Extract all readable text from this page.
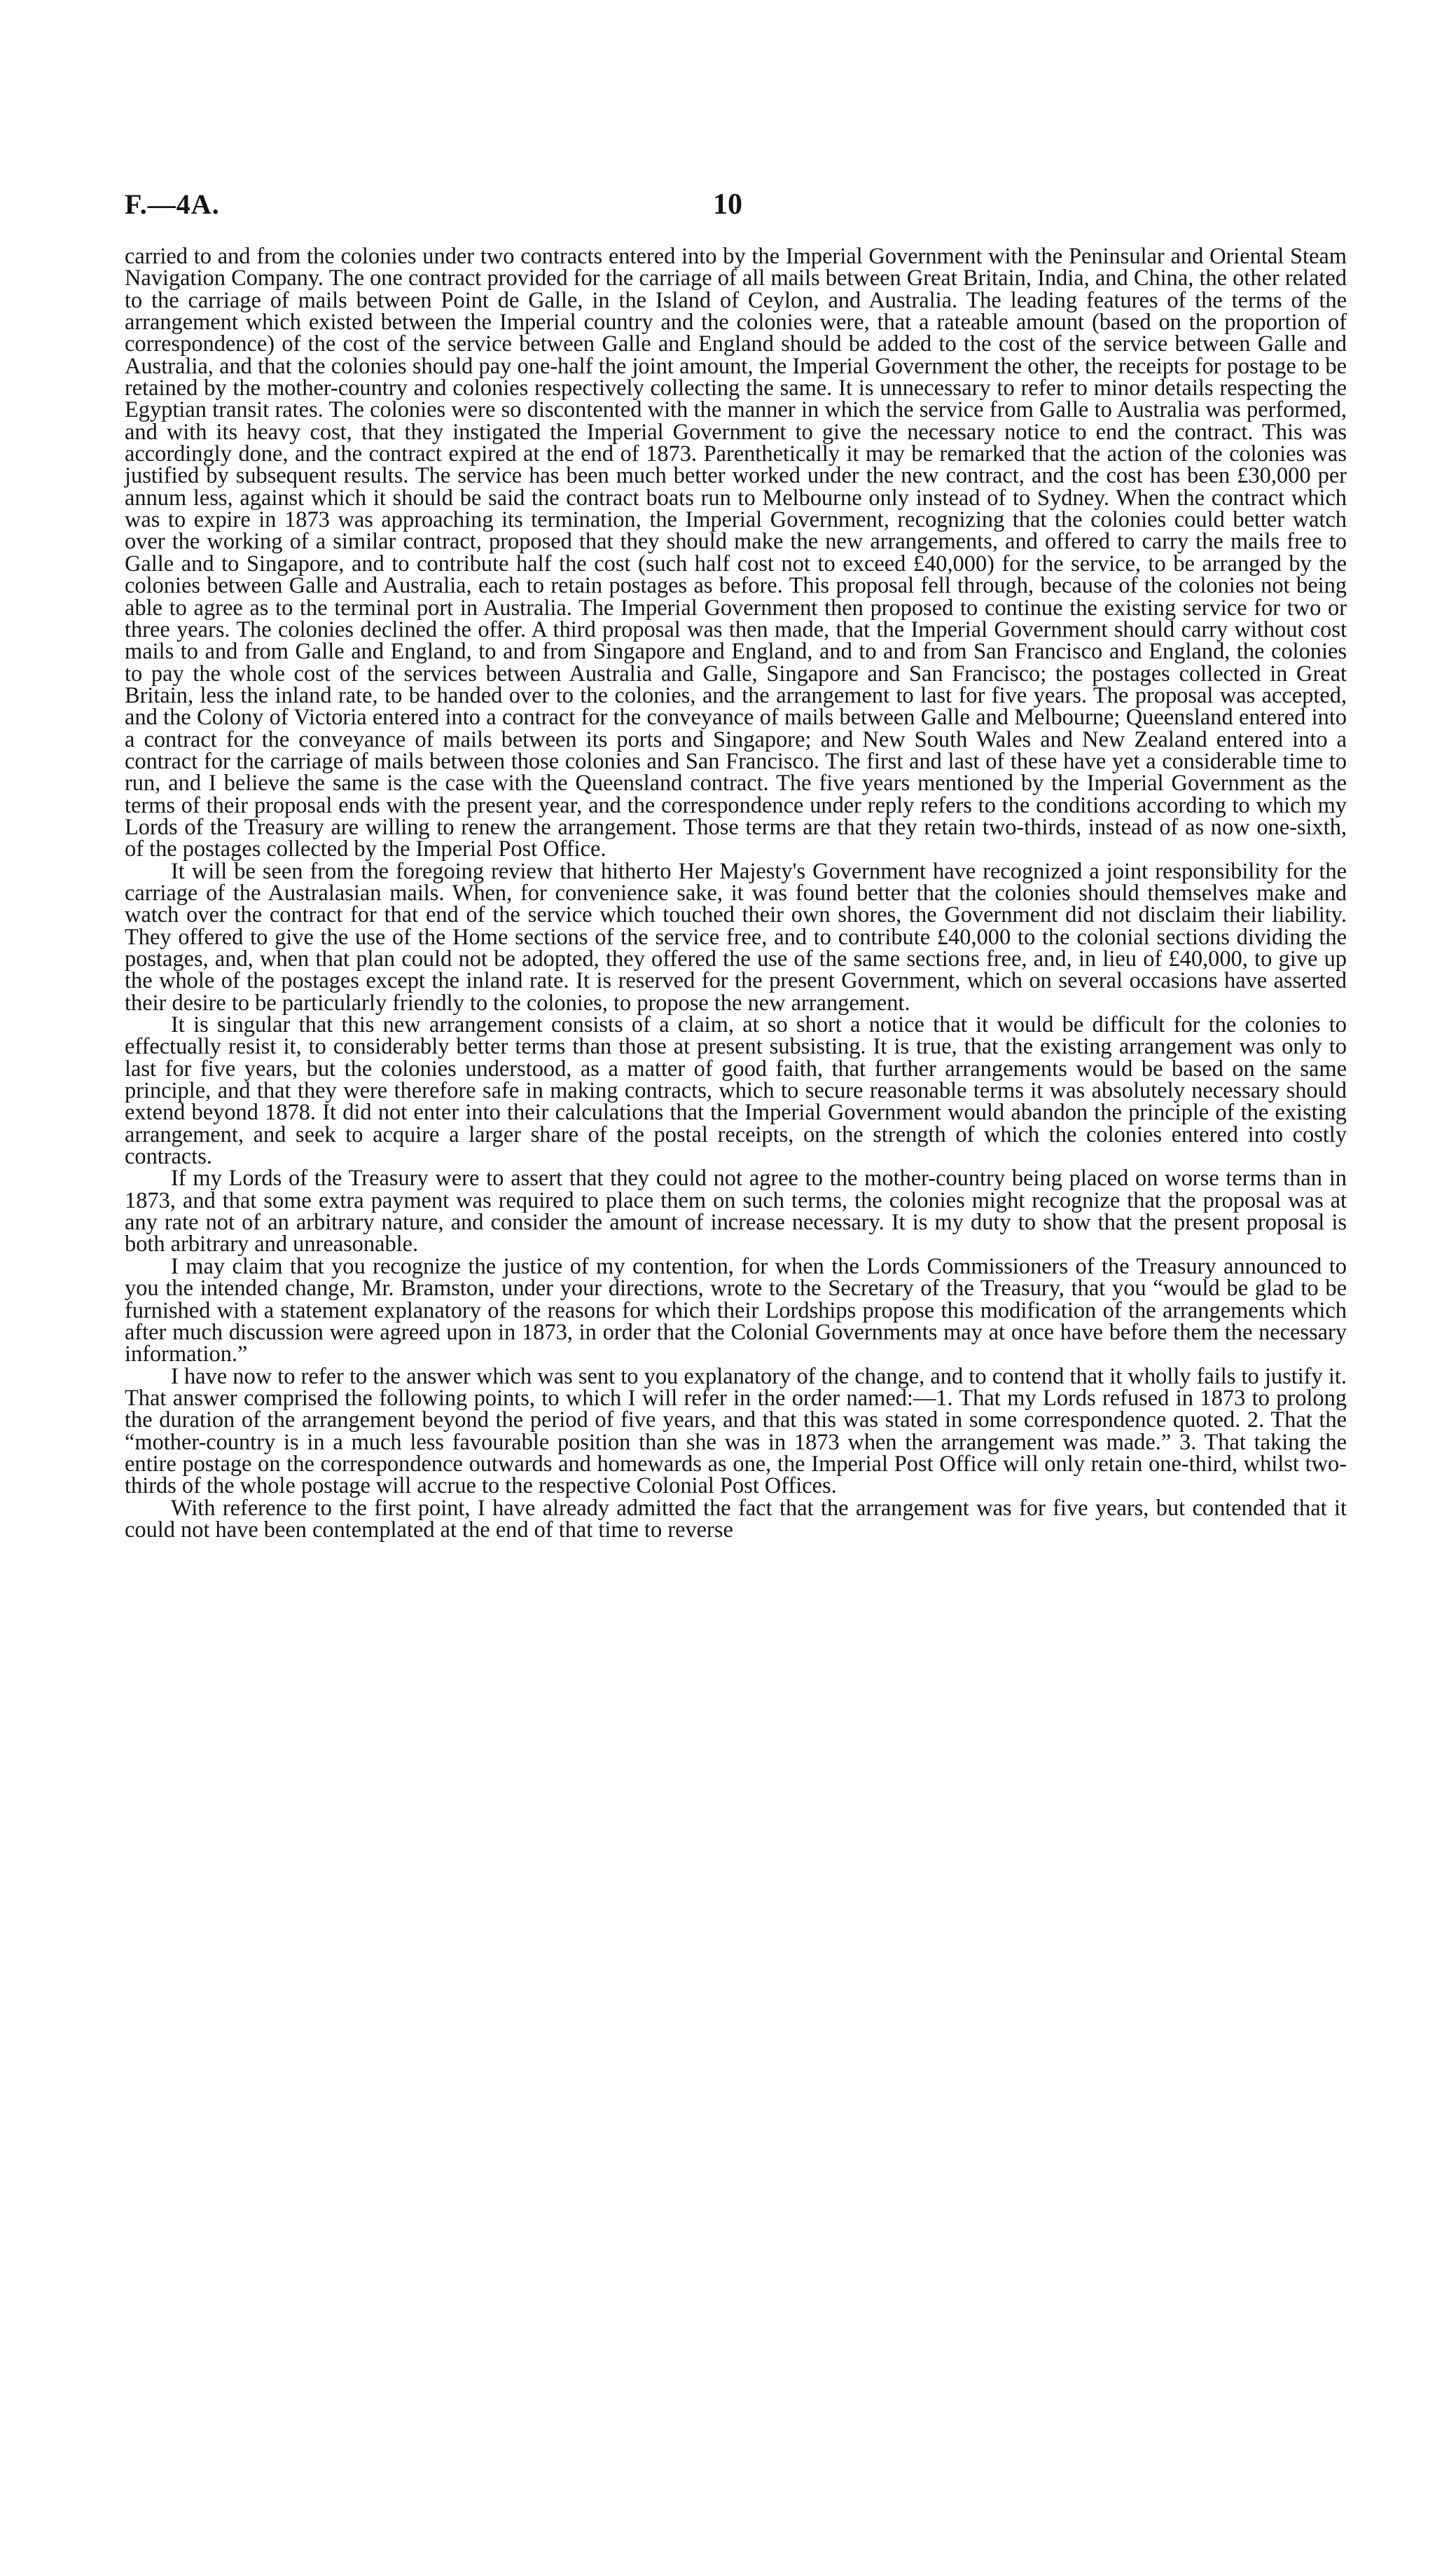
F.—4A.	10

carried to and from the colonies under two contracts entered into by the Imperial Government with the Peninsular and Oriental Steam Navigation Company. The one contract provided for the carriage of all mails between Great Britain, India, and China, the other related to the carriage of mails between Point de Galle, in the Island of Ceylon, and Australia. The leading features of the terms of the arrangement which existed between the Imperial country and the colonies were, that a rateable amount (based on the proportion of correspondence) of the cost of the service between Galle and England should be added to the cost of the service between Galle and Australia, and that the colonies should pay one-half the joint amount, the Imperial Government the other, the receipts for postage to be retained by the mother-country and colonies respectively collecting the same. It is unnecessary to refer to minor details respecting the Egyptian transit rates. The colonies were so discontented with the manner in which the service from Galle to Australia was performed, and with its heavy cost, that they instigated the Imperial Government to give the necessary notice to end the contract. This was accordingly done, and the contract expired at the end of 1873. Parenthetically it may be remarked that the action of the colonies was justified by subsequent results. The service has been much better worked under the new contract, and the cost has been £30,000 per annum less, against which it should be said the contract boats run to Melbourne only instead of to Sydney. When the contract which was to expire in 1873 was approaching its termination, the Imperial Government, recognizing that the colonies could better watch over the working of a similar contract, proposed that they should make the new arrangements, and offered to carry the mails free to Galle and to Singapore, and to contribute half the cost (such half cost not to exceed £40,000) for the service, to be arranged by the colonies between Galle and Australia, each to retain postages as before. This proposal fell through, because of the colonies not being able to agree as to the terminal port in Australia. The Imperial Government then proposed to continue the existing service for two or three years. The colonies declined the offer. A third proposal was then made, that the Imperial Government should carry without cost mails to and from Galle and England, to and from Singapore and England, and to and from San Francisco and England, the colonies to pay the whole cost of the services between Australia and Galle, Singapore and San Francisco; the postages collected in Great Britain, less the inland rate, to be handed over to the colonies, and the arrangement to last for five years. The proposal was accepted, and the Colony of Victoria entered into a contract for the conveyance of mails between Galle and Melbourne; Queensland entered into a contract for the conveyance of mails between its ports and Singapore; and New South Wales and New Zealand entered into a contract for the carriage of mails between those colonies and San Francisco. The first and last of these have yet a considerable time to run, and I believe the same is the case with the Queensland contract. The five years mentioned by the Imperial Government as the terms of their proposal ends with the present year, and the correspondence under reply refers to the conditions according to which my Lords of the Treasury are willing to renew the arrangement. Those terms are that they retain two-thirds, instead of as now one-sixth, of the postages collected by the Imperial Post Office.

It will be seen from the foregoing review that hitherto Her Majesty's Government have recognized a joint responsibility for the carriage of the Australasian mails. When, for convenience sake, it was found better that the colonies should themselves make and watch over the contract for that end of the service which touched their own shores, the Government did not disclaim their liability. They offered to give the use of the Home sections of the service free, and to contribute £40,000 to the colonial sections dividing the postages, and, when that plan could not be adopted, they offered the use of the same sections free, and, in lieu of £40,000, to give up the whole of the postages except the inland rate. It is reserved for the present Government, which on several occasions have asserted their desire to be particularly friendly to the colonies, to propose the new arrangement.

It is singular that this new arrangement consists of a claim, at so short a notice that it would be difficult for the colonies to effectually resist it, to considerably better terms than those at present subsisting. It is true, that the existing arrangement was only to last for five years, but the colonies understood, as a matter of good faith, that further arrangements would be based on the same principle, and that they were therefore safe in making contracts, which to secure reasonable terms it was absolutely necessary should extend beyond 1878. It did not enter into their calculations that the Imperial Government would abandon the principle of the existing arrangement, and seek to acquire a larger share of the postal receipts, on the strength of which the colonies entered into costly contracts.

If my Lords of the Treasury were to assert that they could not agree to the mother-country being placed on worse terms than in 1873, and that some extra payment was required to place them on such terms, the colonies might recognize that the proposal was at any rate not of an arbitrary nature, and consider the amount of increase necessary. It is my duty to show that the present proposal is both arbitrary and unreasonable.

I may claim that you recognize the justice of my contention, for when the Lords Commissioners of the Treasury announced to you the intended change, Mr. Bramston, under your directions, wrote to the Secretary of the Treasury, that you “would be glad to be furnished with a statement explanatory of the reasons for which their Lordships propose this modification of the arrangements which after much discussion were agreed upon in 1873, in order that the Colonial Governments may at once have before them the necessary information.”

I have now to refer to the answer which was sent to you explanatory of the change, and to contend that it wholly fails to justify it. That answer comprised the following points, to which I will refer in the order named:—1. That my Lords refused in 1873 to prolong the duration of the arrangement beyond the period of five years, and that this was stated in some correspondence quoted. 2. That the “mother-country is in a much less favourable position than she was in 1873 when the arrangement was made.” 3. That taking the entire postage on the correspondence outwards and homewards as one, the Imperial Post Office will only retain one-third, whilst two-thirds of the whole postage will accrue to the respective Colonial Post Offices.

With reference to the first point, I have already admitted the fact that the arrangement was for five years, but contended that it could not have been contemplated at the end of that time to reverse
